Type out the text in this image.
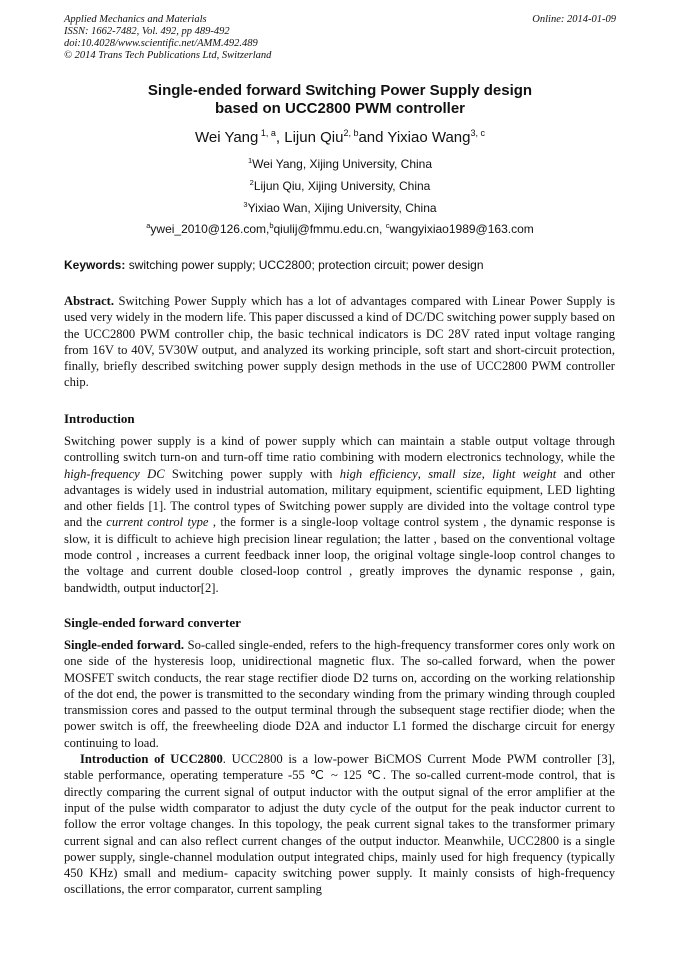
Applied Mechanics and Materials
ISSN: 1662-7482, Vol. 492, pp 489-492
doi:10.4028/www.scientific.net/AMM.492.489
© 2014 Trans Tech Publications Ltd, Switzerland
Online: 2014-01-09
Single-ended forward Switching Power Supply design
based on UCC2800 PWM controller
Wei Yang $^{1, a}$, Lijun Qiu$^{2, b}$and Yixiao Wang$^{3, c}$
$^1$Wei Yang, Xijing University, China
$^2$Lijun Qiu, Xijing University, China
$^3$Yixiao Wan, Xijing University, China
$^a$ywei_2010@126.com,$^b$qiulij@fmmu.edu.cn, $^c$wangyixiao1989@163.com
Keywords: switching power supply; UCC2800; protection circuit; power design

Abstract. Switching Power Supply which has a lot of advantages compared with Linear Power Supply is used very widely in the modern life. This paper discussed a kind of DC/DC switching power supply based on the UCC2800 PWM controller chip, the basic technical indicators is DC 28V rated input voltage ranging from 16V to 40V, 5V30W output, and analyzed its working principle, soft start and short-circuit protection, finally, briefly described switching power supply design methods in the use of UCC2800 PWM controller chip.

Introduction

Switching power supply is a kind of power supply which can maintain a stable output voltage through controlling switch turn-on and turn-off time ratio combining with modern electronics technology, while the high-frequency DC Switching power supply with high efficiency, small size, light weight and other advantages is widely used in industrial automation, military equipment, scientific equipment, LED lighting and other fields [1]. The control types of Switching power supply are divided into the voltage control type and the current control type , the former is a single-loop voltage control system , the dynamic response is slow, it is difficult to achieve high precision linear regulation; the latter , based on the conventional voltage mode control , increases a current feedback inner loop, the original voltage single-loop control changes to the voltage and current double closed-loop control , greatly improves the dynamic response , gain, bandwidth, output inductor[2].

Single-ended forward converter

Single-ended forward. So-called single-ended, refers to the high-frequency transformer cores only work on one side of the hysteresis loop, unidirectional magnetic flux. The so-called forward, when the power MOSFET switch conducts, the rear stage rectifier diode D2 turns on, according on the working relationship of the dot end, the power is transmitted to the secondary winding from the primary winding through coupled transmission cores and passed to the output terminal through the subsequent stage rectifier diode; when the power switch is off, the freewheeling diode D2A and inductor L1 formed the discharge circuit for energy continuing to load.

Introduction of UCC2800. UCC2800 is a low-power BiCMOS Current Mode PWM controller [3], stable performance, operating temperature -55 ℃ ~ 125 ℃. The so-called current-mode control, that is directly comparing the current signal of output inductor with the output signal of the error amplifier at the input of the pulse width comparator to adjust the duty cycle of the output for the peak inductor current to follow the error voltage changes. In this topology, the peak current signal takes to the transformer primary current signal and can also reflect current changes of the output inductor. Meanwhile, UCC2800 is a single power supply, single-channel modulation output integrated chips, mainly used for high frequency (typically 450 KHz) small and medium- capacity switching power supply. It mainly consists of high-frequency oscillations, the error comparator, current sampling
